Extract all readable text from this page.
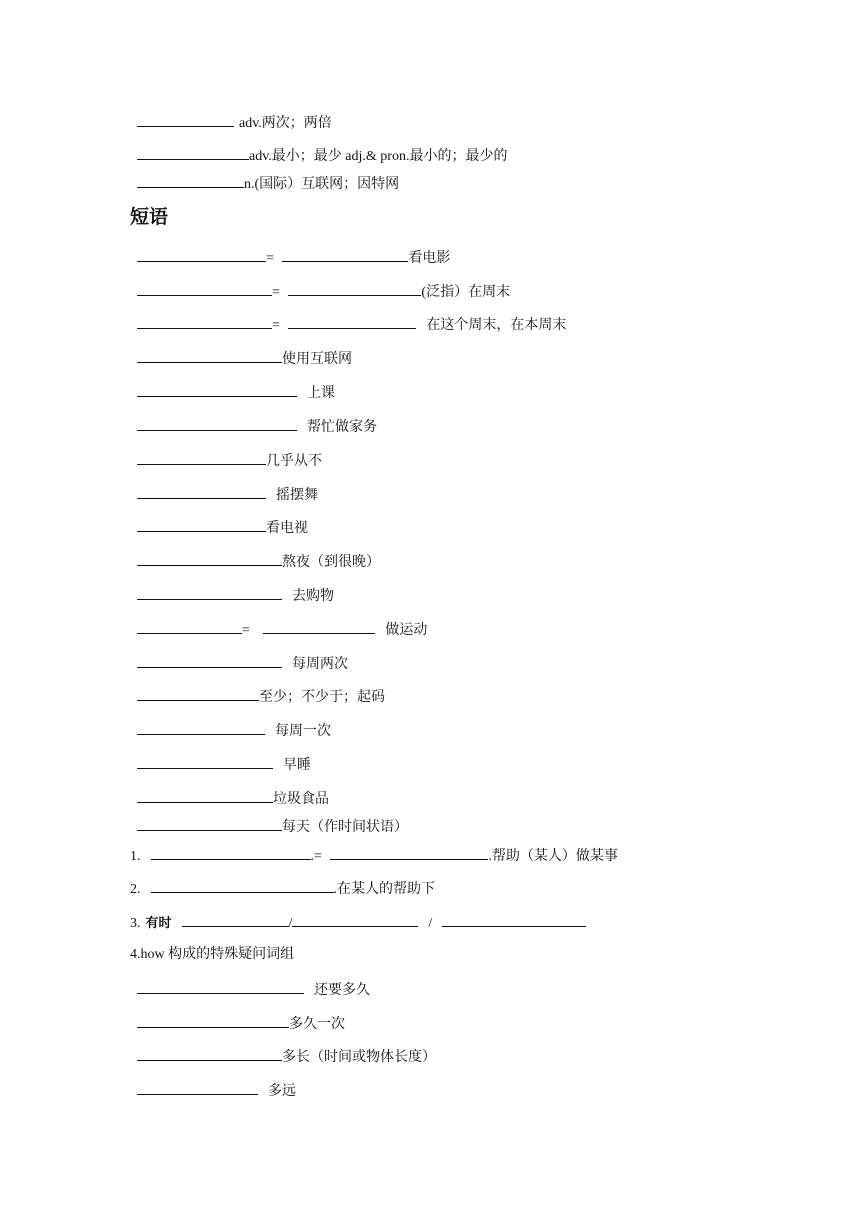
adv.两次；两倍
adv.最小；最少 adj.& pron.最小的；最少的
n.(国际）互联网；因特网
短语
=	看电影
=	(泛指）在周末
=	在这个周末，在本周末
使用互联网
上课
帮忙做家务
几乎从不
摇摆舞
看电视
熬夜（到很晚）
去购物
=	做运动
每周两次
至少；不少于；起码
每周一次
早睡
垃圾食品
每天（作时间状语）
1.	.=	.帮助（某人）做某事
2.	.在某人的帮助下
3. 有时	/	/
4.how 构成的特殊疑问词组
还要多久
多久一次
多长（时间或物体长度）
多远
